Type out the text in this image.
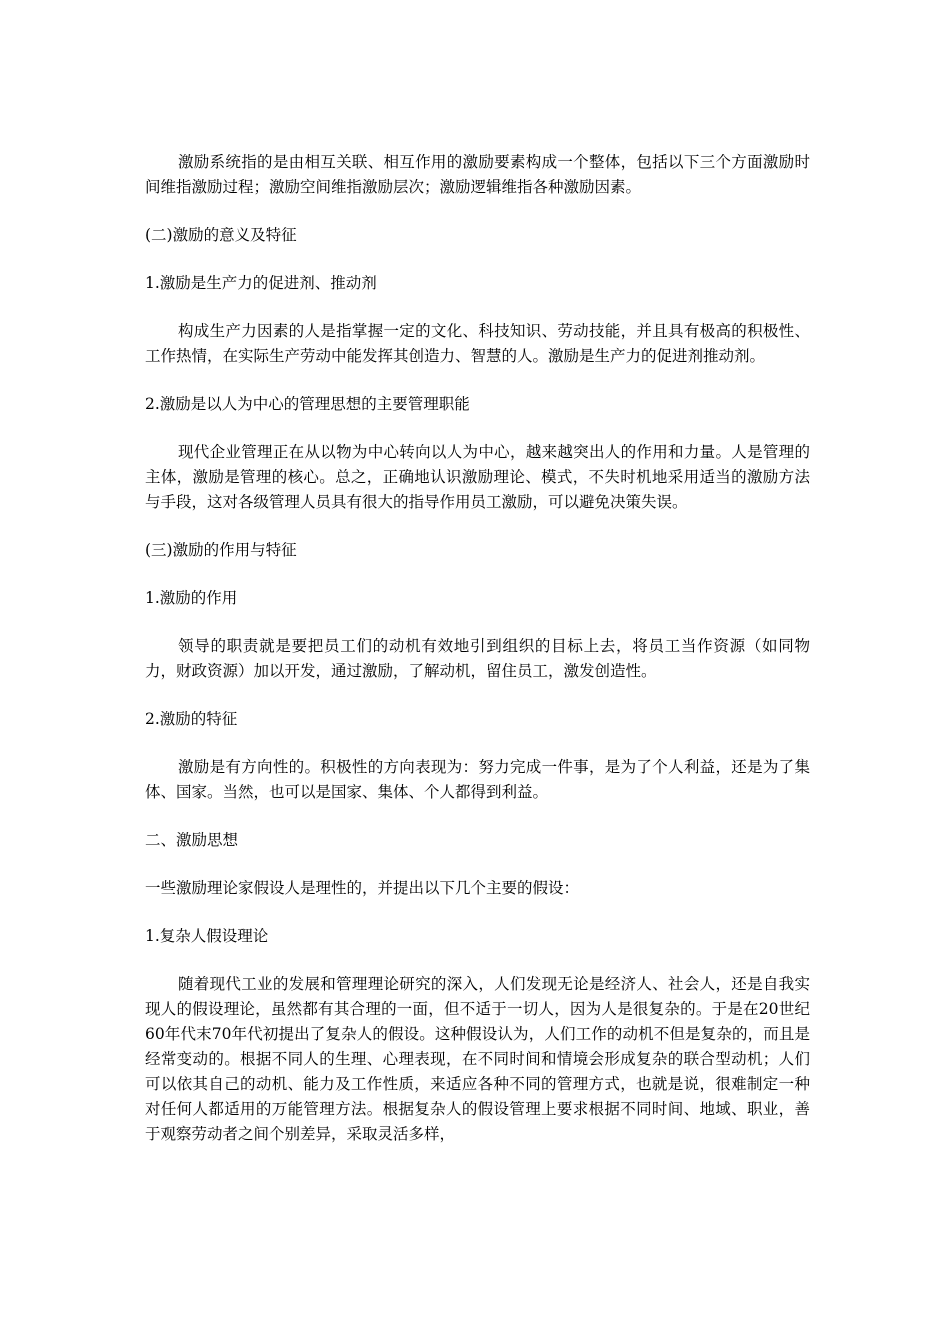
激励系统指的是由相互关联、相互作用的激励要素构成一个整体，包括以下三个方面激励时间维指激励过程；激励空间维指激励层次；激励逻辑维指各种激励因素。

(二)激励的意义及特征

1.激励是生产力的促进剂、推动剂

构成生产力因素的人是指掌握一定的文化、科技知识、劳动技能，并且具有极高的积极性、工作热情，在实际生产劳动中能发挥其创造力、智慧的人。激励是生产力的促进剂推动剂。

2.激励是以人为中心的管理思想的主要管理职能

现代企业管理正在从以物为中心转向以人为中心，越来越突出人的作用和力量。人是管理的主体，激励是管理的核心。总之，正确地认识激励理论、模式，不失时机地采用适当的激励方法与手段，这对各级管理人员具有很大的指导作用员工激励，可以避免决策失误。

(三)激励的作用与特征

1.激励的作用

领导的职责就是要把员工们的动机有效地引到组织的目标上去，将员工当作资源（如同物力，财政资源）加以开发，通过激励，了解动机，留住员工，激发创造性。

2.激励的特征

激励是有方向性的。积极性的方向表现为：努力完成一件事，是为了个人利益，还是为了集体、国家。当然，也可以是国家、集体、个人都得到利益。

二、激励思想

一些激励理论家假设人是理性的，并提出以下几个主要的假设：

1.复杂人假设理论

随着现代工业的发展和管理理论研究的深入，人们发现无论是经济人、社会人，还是自我实现人的假设理论，虽然都有其合理的一面，但不适于一切人，因为人是很复杂的。于是在20世纪60年代末70年代初提出了复杂人的假设。这种假设认为，人们工作的动机不但是复杂的，而且是经常变动的。根据不同人的生理、心理表现，在不同时间和情境会形成复杂的联合型动机；人们可以依其自己的动机、能力及工作性质，来适应各种不同的管理方式，也就是说，很难制定一种对任何人都适用的万能管理方法。根据复杂人的假设管理上要求根据不同时间、地域、职业，善于观察劳动者之间个别差异，采取灵活多样，
